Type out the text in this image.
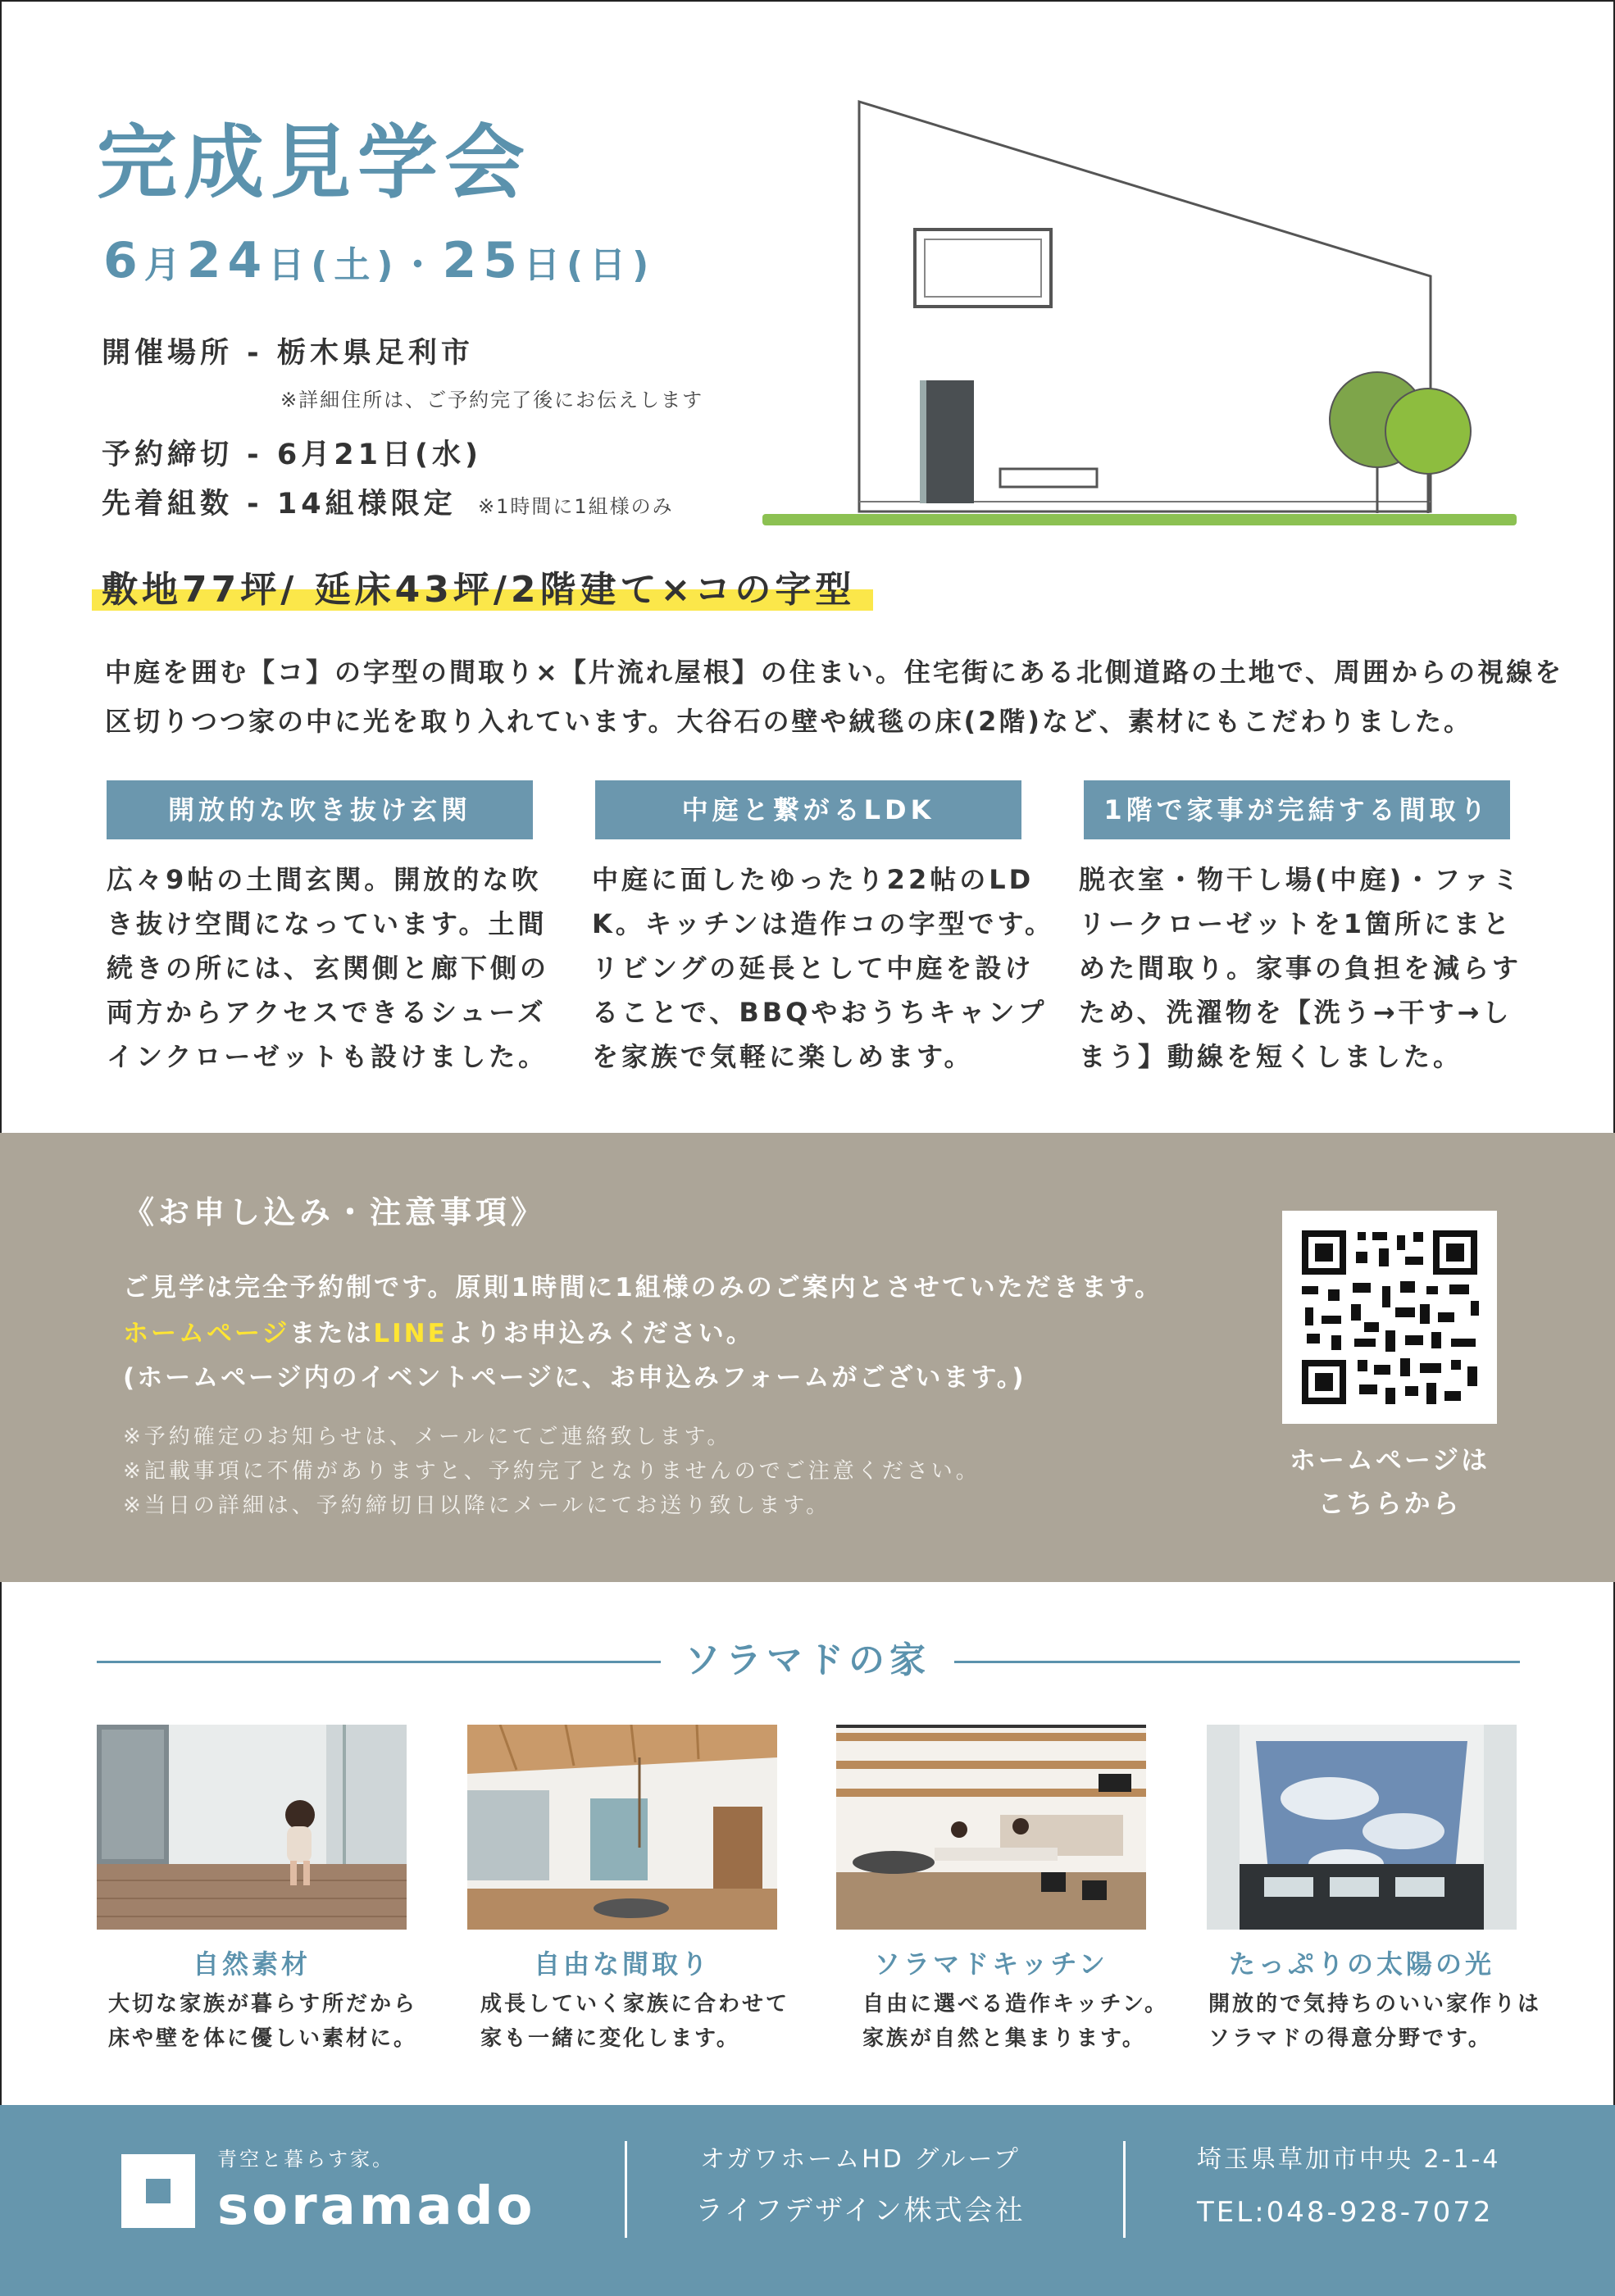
完成見学会
6月24日(土)・25日(日)
開催場所 - 栃木県足利市
※詳細住所は、ご予約完了後にお伝えします
予約締切 - 6月21日(水)
先着組数 - 14組様限定 ※1時間に1組様のみ
敷地77坪/ 延床43坪/2階建て×コの字型
中庭を囲む【コ】の字型の間取り×【片流れ屋根】の住まい。住宅街にある北側道路の土地で、周囲からの視線を
区切りつつ家の中に光を取り入れています。大谷石の壁や絨毯の床(2階)など、素材にもこだわりました。
開放的な吹き抜け玄関	中庭と繋がるLDK	1階で家事が完結する間取り
広々9帖の土間玄関。開放的な吹
き抜け空間になっています。土間
続きの所には、玄関側と廊下側の
両方からアクセスできるシューズ
インクローゼットも設けました。
中庭に面したゆったり22帖のLD
K。キッチンは造作コの字型です。
リビングの延長として中庭を設け
ることで、BBQやおうちキャンプ
を家族で気軽に楽しめます。
脱衣室・物干し場(中庭)・ファミ
リークローゼットを1箇所にまと
めた間取り。家事の負担を減らす
ため、洗濯物を【洗う→干す→し
まう】動線を短くしました。
《お申し込み・注意事項》
ご見学は完全予約制です。原則1時間に1組様のみのご案内とさせていただきます。
ホームページまたはLINEよりお申込みください。
(ホームページ内のイベントページに、お申込みフォームがございます。)
※予約確定のお知らせは、メールにてご連絡致します。
※記載事項に不備がありますと、予約完了となりませんのでご注意ください。
※当日の詳細は、予約締切日以降にメールにてお送り致します。
ホームページは
こちらから
ソラマドの家
自然素材	自由な間取り	ソラマドキッチン	たっぷりの太陽の光
大切な家族が暮らす所だから
床や壁を体に優しい素材に。
成長していく家族に合わせて
家も一緒に変化します。
自由に選べる造作キッチン。
家族が自然と集まります。
開放的で気持ちのいい家作りは
ソラマドの得意分野です。
青空と暮らす家。
soramado
オガワホームHD グループ
ライフデザイン株式会社
埼玉県草加市中央 2-1-4
TEL:048-928-7072
